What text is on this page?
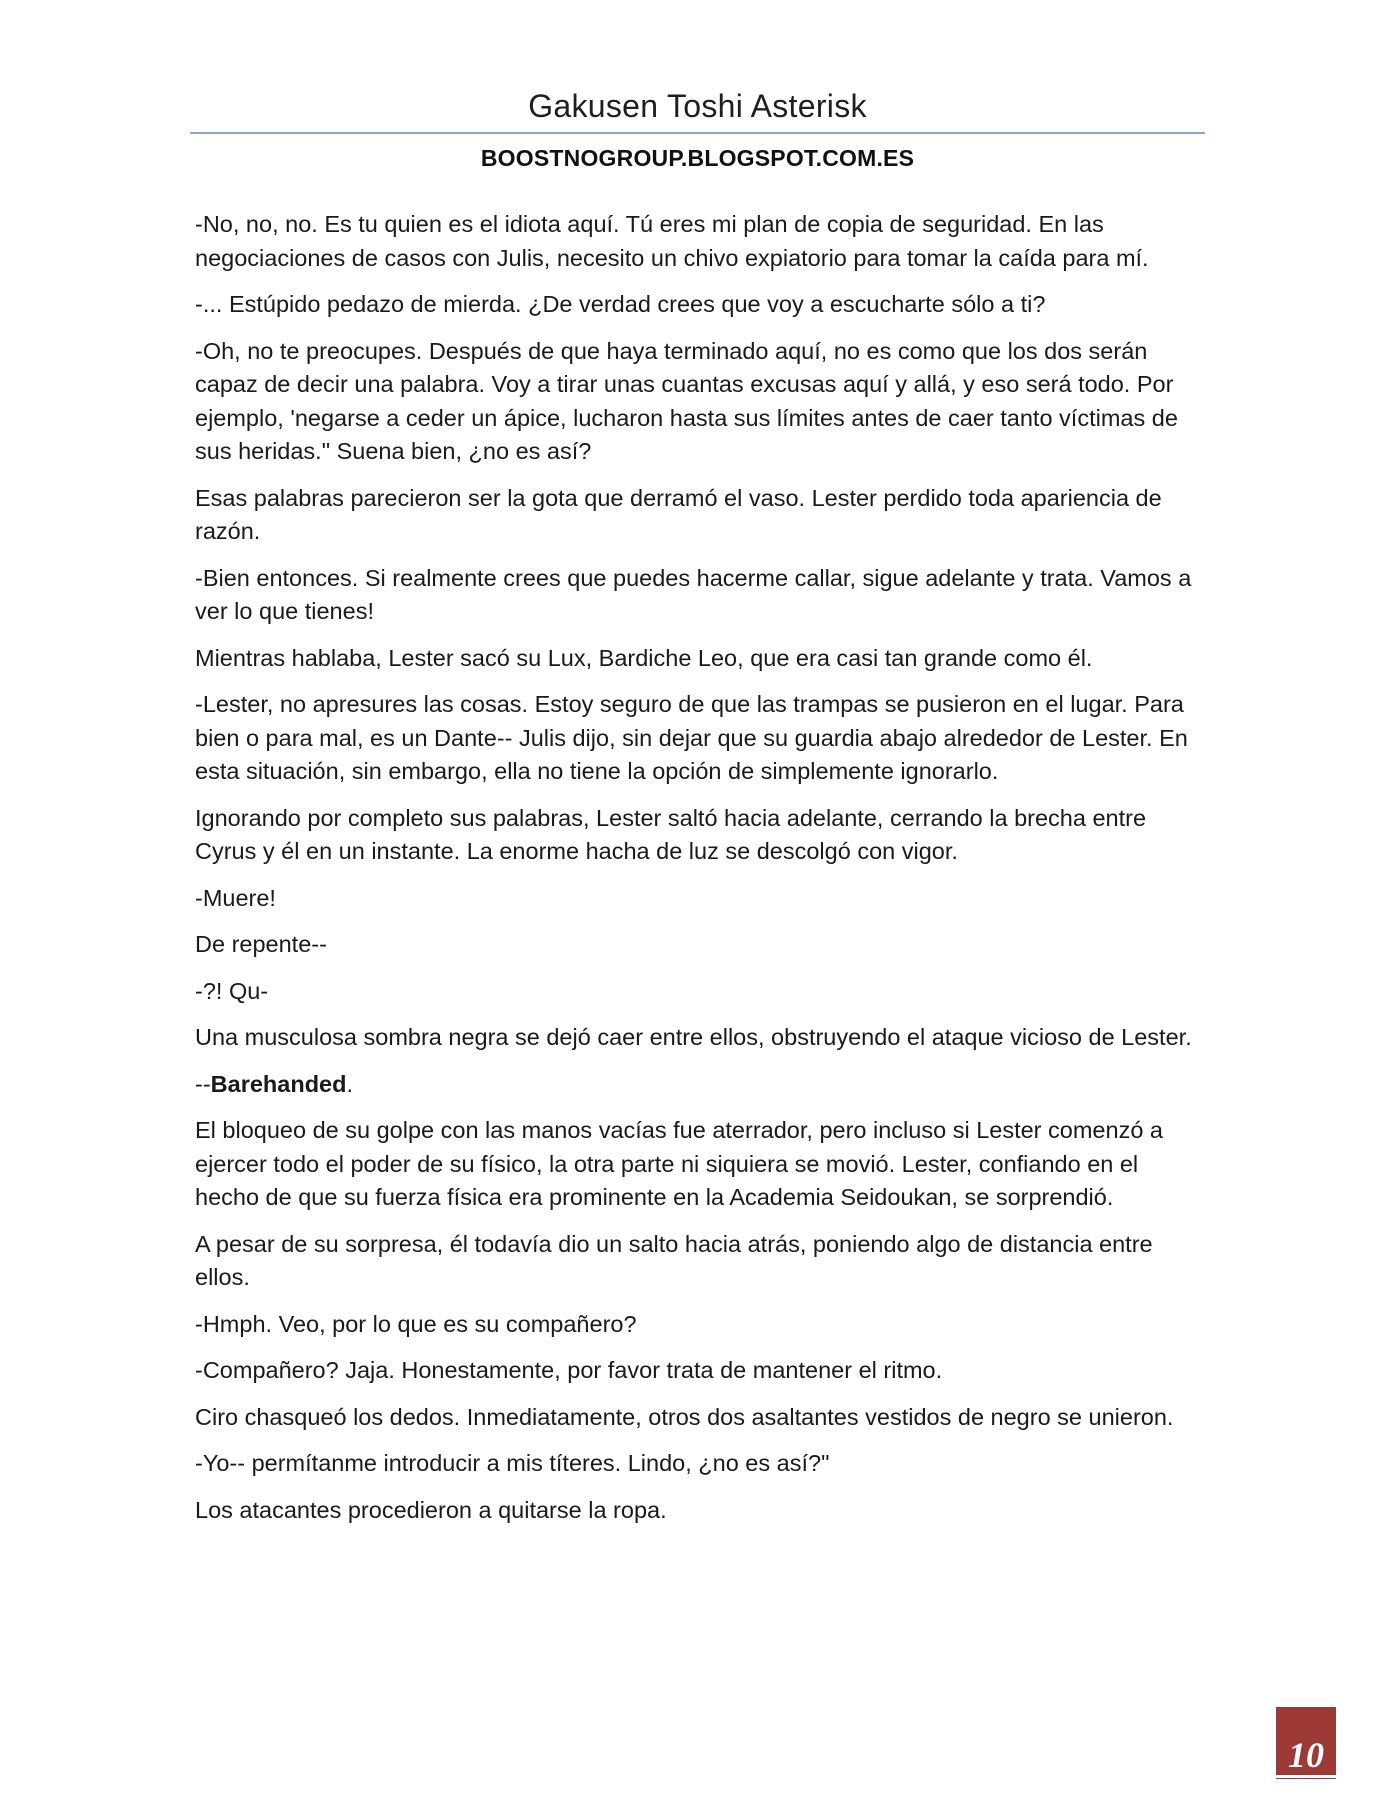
Gakusen Toshi Asterisk
BOOSTNOGROUP.BLOGSPOT.COM.ES

-No, no, no. Es tu quien es el idiota aquí. Tú eres mi plan de copia de seguridad. En las negociaciones de casos con Julis, necesito un chivo expiatorio para tomar la caída para mí.

-... Estúpido pedazo de mierda. ¿De verdad crees que voy a escucharte sólo a ti?

-Oh, no te preocupes. Después de que haya terminado aquí, no es como que los dos serán capaz de decir una palabra. Voy a tirar unas cuantas excusas aquí y allá, y eso será todo. Por ejemplo, 'negarse a ceder un ápice, lucharon hasta sus límites antes de caer tanto víctimas de sus heridas." Suena bien, ¿no es así?

Esas palabras parecieron ser la gota que derramó el vaso. Lester perdido toda apariencia de razón.

-Bien entonces. Si realmente crees que puedes hacerme callar, sigue adelante y trata. Vamos a ver lo que tienes!

Mientras hablaba, Lester sacó su Lux, Bardiche Leo, que era casi tan grande como él.

-Lester, no apresures las cosas. Estoy seguro de que las trampas se pusieron en el lugar. Para bien o para mal, es un Dante-- Julis dijo, sin dejar que su guardia abajo alrededor de Lester. En esta situación, sin embargo, ella no tiene la opción de simplemente ignorarlo.

Ignorando por completo sus palabras, Lester saltó hacia adelante, cerrando la brecha entre Cyrus y él en un instante. La enorme hacha de luz se descolgó con vigor.

-Muere!

De repente--

-?! Qu-

Una musculosa sombra negra se dejó caer entre ellos, obstruyendo el ataque vicioso de Lester.

--Barehanded.

El bloqueo de su golpe con las manos vacías fue aterrador, pero incluso si Lester comenzó a ejercer todo el poder de su físico, la otra parte ni siquiera se movió. Lester, confiando en el hecho de que su fuerza física era prominente en la Academia Seidoukan, se sorprendió.

A pesar de su sorpresa, él todavía dio un salto hacia atrás, poniendo algo de distancia entre ellos.

-Hmph. Veo, por lo que es su compañero?

-Compañero? Jaja. Honestamente, por favor trata de mantener el ritmo.

Ciro chasqueó los dedos. Inmediatamente, otros dos asaltantes vestidos de negro se unieron.

-Yo-- permítanme introducir a mis títeres. Lindo, ¿no es así?"

Los atacantes procedieron a quitarse la ropa.

10
